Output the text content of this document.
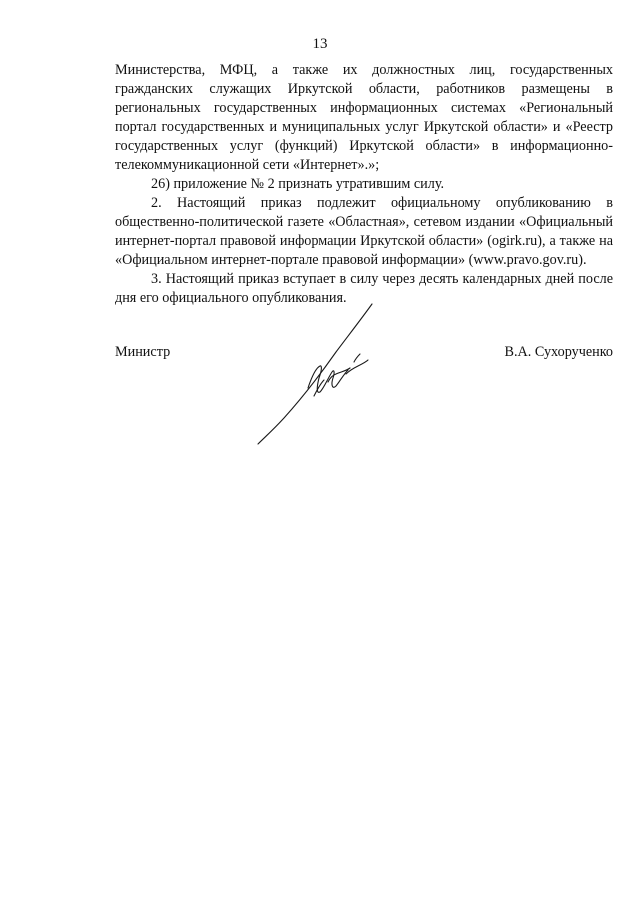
13

Министерства, МФЦ, а также их должностных лиц, государственных гражданских служащих Иркутской области, работников размещены в региональных государственных информационных системах «Региональный портал государственных и муниципальных услуг Иркутской области» и «Реестр государственных услуг (функций) Иркутской области» в информационно-телекоммуникационной сети «Интернет».»;

26) приложение № 2 признать утратившим силу.

2. Настоящий приказ подлежит официальному опубликованию в общественно-политической газете «Областная», сетевом издании «Официальный интернет-портал правовой информации Иркутской области» (ogirk.ru), а также на «Официальном интернет-портале правовой информации» (www.pravo.gov.ru).

3. Настоящий приказ вступает в силу через десять календарных дней после дня его официального опубликования.

Министр	В.А. Сухорученко
